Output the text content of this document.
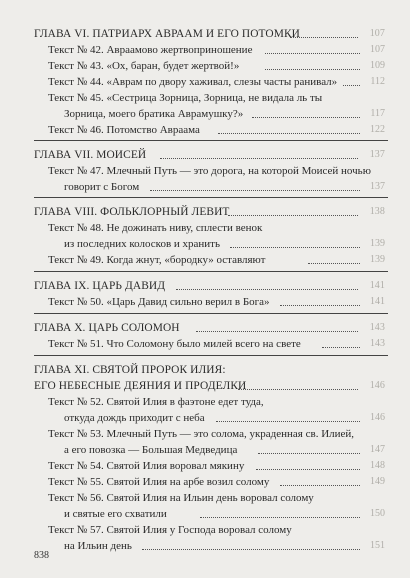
ГЛАВА VI. ПАТРИАРХ АВРААМ И ЕГО ПОТОМКИ	107
Текст № 42. Авраамово жертвоприношение	107
Текст № 43. «Ох, баран, будет жертвой!»	109
Текст № 44. «Аврам по двору хаживал, слезы часты ранивал»	112
Текст № 45. «Сестрица Зорница, Зорница, не видала ль ты
Зорница, моего братика Аврамушку?»	117
Текст № 46. Потомство Авраама	122
ГЛАВА VII. МОИСЕЙ	137
Текст № 47. Млечный Путь — это дорога, на которой Моисей ночью
говорит с Богом	137
ГЛАВА VIII. ФОЛЬКЛОРНЫЙ ЛЕВИТ	138
Текст № 48. Не дожинать ниву, сплести венок
из последних колосков и хранить	139
Текст № 49. Когда жнут, «бородку» оставляют	139
ГЛАВА IX. ЦАРЬ ДАВИД	141
Текст № 50. «Царь Давид сильно верил в Бога»	141
ГЛАВА X. ЦАРЬ СОЛОМОН	143
Текст № 51. Что Соломону было милей всего на свете	143
ГЛАВА XI. СВЯТОЙ ПРОРОК ИЛИЯ:
ЕГО НЕБЕСНЫЕ ДЕЯНИЯ И ПРОДЕЛКИ	146
Текст № 52. Святой Илия в фаэтоне едет туда,
откуда дождь приходит с неба	146
Текст № 53. Млечный Путь — это солома, украденная св. Илией,
а его повозка — Большая Медведица	147
Текст № 54. Святой Илия воровал мякину	148
Текст № 55. Святой Илия на арбе возил солому	149
Текст № 56. Святой Илия на Ильин день воровал солому
и святые его схватили	150
Текст № 57. Святой Илия у Господа воровал солому
на Ильин день	151
838
